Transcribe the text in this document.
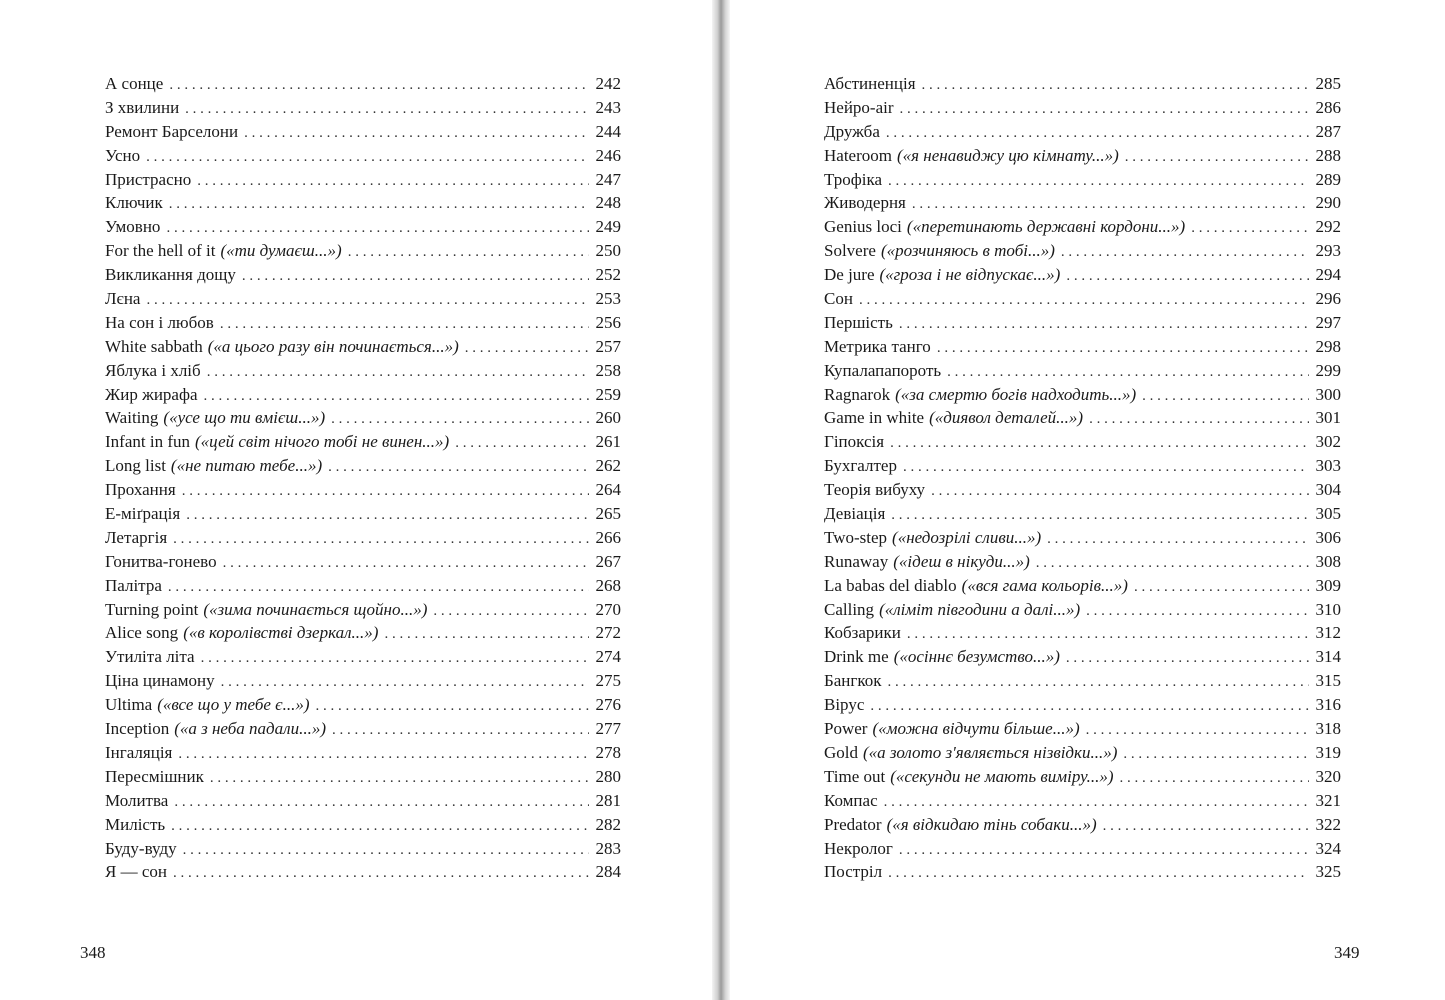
А сонце . . .	242
З хвилини . . .	243
Ремонт Барселони . . .	244
Усно . . .	246
Пристрасно . . .	247
Ключик . . .	248
Умовно . . .	249
For the hell of it («ти думаєш...») . . .	250
Викликання дощу . . .	252
Лєна . . .	253
На сон і любов . . .	256
White sabbath («а цього разу він починається...») . . .	257
Яблука і хліб . . .	258
Жир жирафа . . .	259
Waiting («усе що ти вмієш...») . . .	260
Infant in fun («цей світ нічого тобі не винен...») . . .	261
Long list («не питаю тебе...») . . .	262
Прохання . . .	264
Е-міґрація . . .	265
Летаргія . . .	266
Гонитва-гонево . . .	267
Палітра . . .	268
Turning point («зима починається щойно...») . . .	270
Alice song («в королівстві дзеркал...») . . .	272
Утиліта літа . . .	274
Ціна цинамону . . .	275
Ultima («все що у тебе є...») . . .	276
Inception («а з неба падали...») . . .	277
Інгаляція . . .	278
Пересмішник . . .	280
Молитва . . .	281
Милість . . .	282
Буду-вуду . . .	283
Я — сон . . .	284
348
Абстиненція . . .	285
Нейро-air . . .	286
Дружба . . .	287
Hateroom («я ненавиджу цю кімнату...») . . .	288
Трофіка . . .	289
Живодерня . . .	290
Genius loci («перетинають державні кордони...») . . .	292
Solvere («розчиняюсь в тобі...») . . .	293
De jure («гроза і не відпускає...») . . .	294
Сон . . .	296
Першість . . .	297
Метрика танго . . .	298
Купалапапороть . . .	299
Ragnarok («за смертю богів надходить...») . . .	300
Game in white («диявол деталей...») . . .	301
Гіпоксія . . .	302
Бухгалтер . . .	303
Теорія вибуху . . .	304
Девіація . . .	305
Two-step («недозрілі сливи...») . . .	306
Runaway («ідеш в нікуди...») . . .	308
La babas del diablo («вся гама кольорів...») . . .	309
Calling («ліміт півгодини а далі...») . . .	310
Кобзарики . . .	312
Drink me («осіннє безумство...») . . .	314
Бангкок . . .	315
Вірус . . .	316
Power («можна відчути більше...») . . .	318
Gold («а золото з'являється нізвідки...») . . .	319
Time out («секунди не мають виміру...») . . .	320
Компас . . .	321
Predator («я відкидаю тінь собаки...») . . .	322
Некролог . . .	324
Постріл . . .	325
349
